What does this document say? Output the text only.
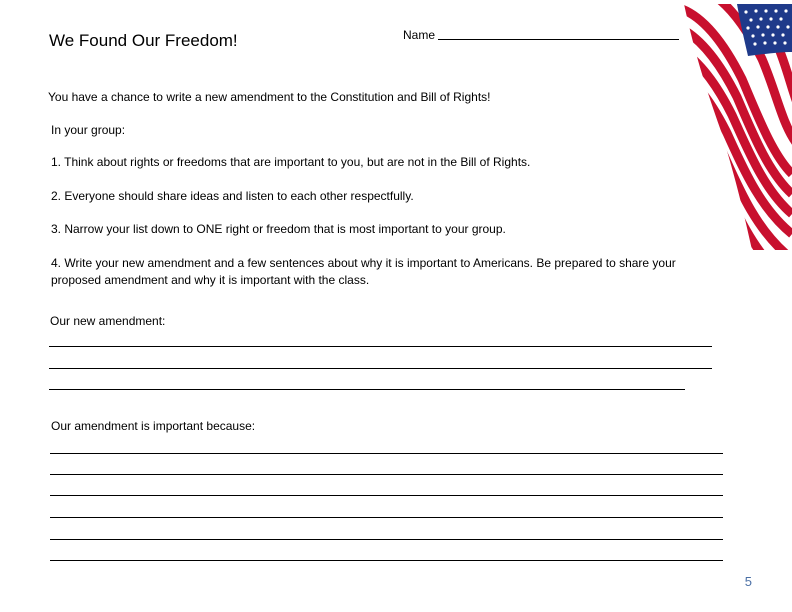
We Found Our Freedom!	Name
You have a chance to write a new amendment to the Constitution and Bill of Rights!
In your group:
1. Think about rights or freedoms that are important to you, but are not in the Bill of Rights.
2. Everyone should share ideas and listen to each other respectfully.
3. Narrow your list down to ONE right or freedom that is most important to your group.
4. Write your new amendment and a few sentences about why it is important to Americans. Be prepared to share your
proposed amendment and why it is important with the class.
Our new amendment:
Our amendment is important because:
5
